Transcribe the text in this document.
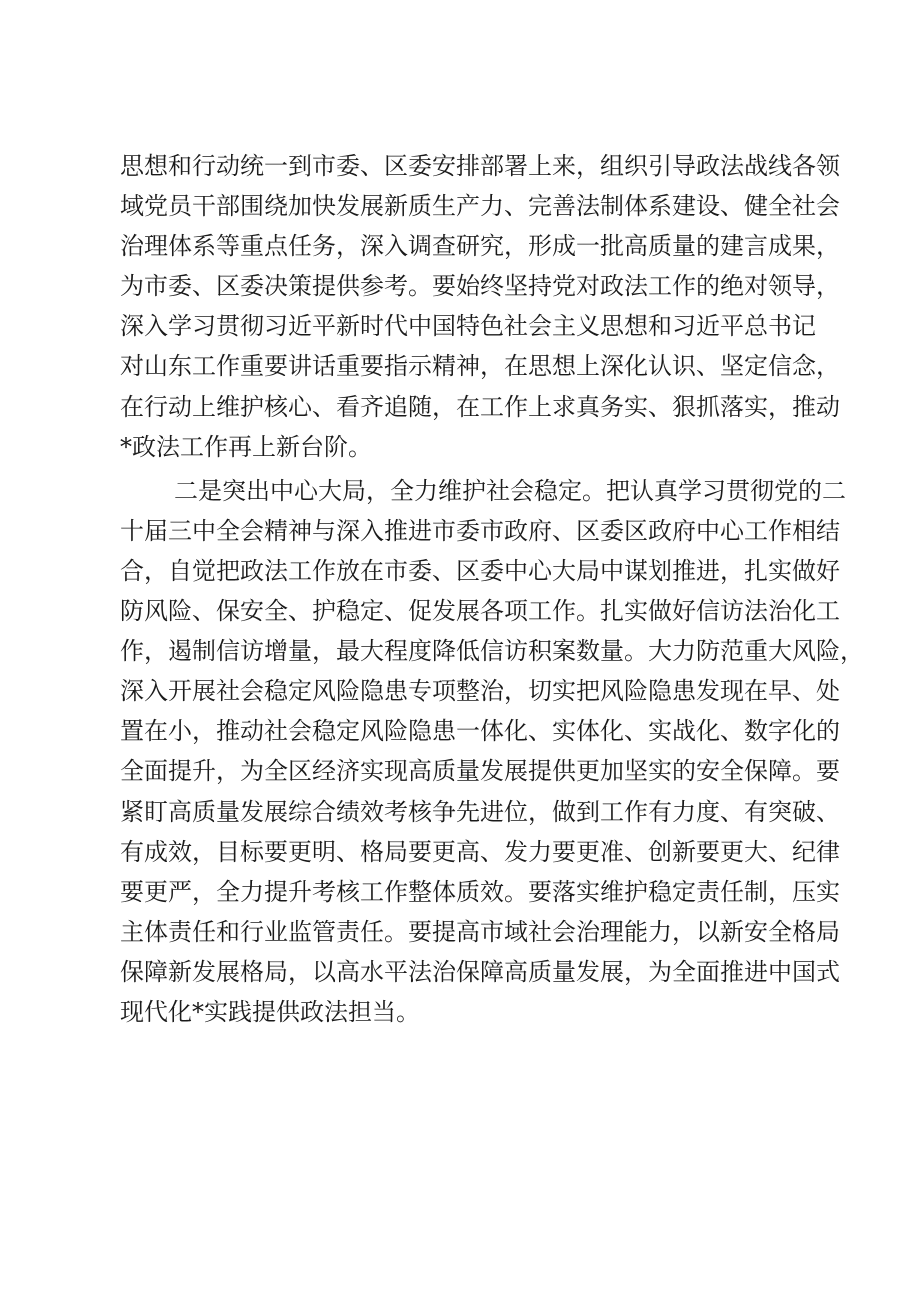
思想和行动统一到市委、区委安排部署上来，组织引导政法战线各领
域党员干部围绕加快发展新质生产力、完善法制体系建设、健全社会
治理体系等重点任务，深入调查研究，形成一批高质量的建言成果，
为市委、区委决策提供参考。要始终坚持党对政法工作的绝对领导，
深入学习贯彻习近平新时代中国特色社会主义思想和习近平总书记
对山东工作重要讲话重要指示精神，在思想上深化认识、坚定信念，
在行动上维护核心、看齐追随，在工作上求真务实、狠抓落实，推动
*政法工作再上新台阶。
二是突出中心大局，全力维护社会稳定。把认真学习贯彻党的二
十届三中全会精神与深入推进市委市政府、区委区政府中心工作相结
合，自觉把政法工作放在市委、区委中心大局中谋划推进，扎实做好
防风险、保安全、护稳定、促发展各项工作。扎实做好信访法治化工
作，遏制信访增量，最大程度降低信访积案数量。大力防范重大风险，
深入开展社会稳定风险隐患专项整治，切实把风险隐患发现在早、处
置在小，推动社会稳定风险隐患一体化、实体化、实战化、数字化的
全面提升，为全区经济实现高质量发展提供更加坚实的安全保障。要
紧盯高质量发展综合绩效考核争先进位，做到工作有力度、有突破、
有成效，目标要更明、格局要更高、发力要更准、创新要更大、纪律
要更严，全力提升考核工作整体质效。要落实维护稳定责任制，压实
主体责任和行业监管责任。要提高市域社会治理能力，以新安全格局
保障新发展格局，以高水平法治保障高质量发展，为全面推进中国式
现代化*实践提供政法担当。
